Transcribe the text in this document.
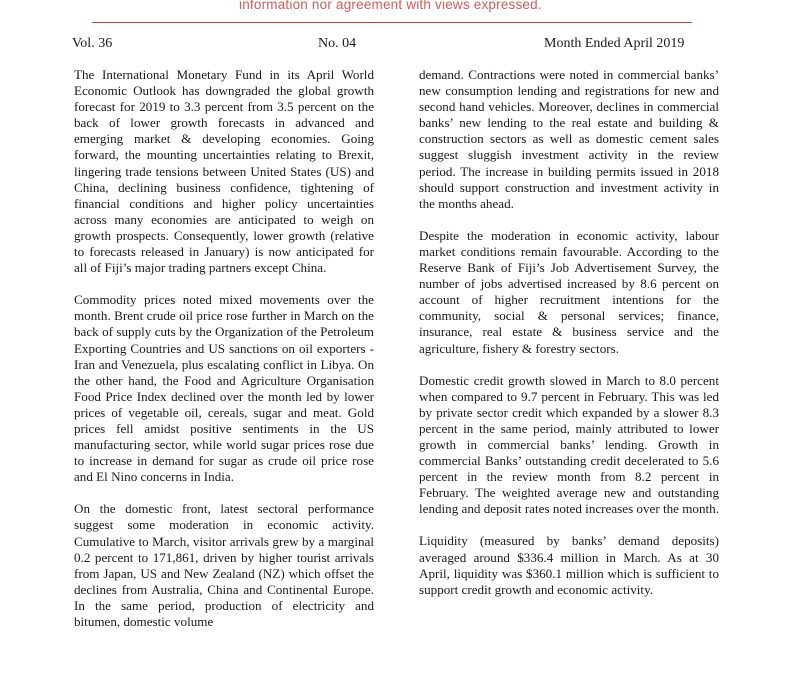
information nor agreement with views expressed.
Vol. 36	No. 04	Month Ended April 2019

The International Monetary Fund in its April World Economic Outlook has downgraded the global growth forecast for 2019 to 3.3 percent from 3.5 percent on the back of lower growth forecasts in advanced and emerging market & developing economies. Going forward, the mounting uncertainties relating to Brexit, lingering trade tensions between United States (US) and China, declining business confidence, tightening of financial conditions and higher policy uncertainties across many economies are anticipated to weigh on growth prospects. Consequently, lower growth (relative to forecasts released in January) is now anticipated for all of Fiji’s major trading partners except China.

Commodity prices noted mixed movements over the month. Brent crude oil price rose further in March on the back of supply cuts by the Organization of the Petroleum Exporting Countries and US sanctions on oil exporters - Iran and Venezuela, plus escalating conflict in Libya. On the other hand, the Food and Agriculture Organisation Food Price Index declined over the month led by lower prices of vegetable oil, cereals, sugar and meat. Gold prices fell amidst positive sentiments in the US manufacturing sector, while world sugar prices rose due to increase in demand for sugar as crude oil price rose and El Nino concerns in India.

On the domestic front, latest sectoral performance suggest some moderation in economic activity. Cumulative to March, visitor arrivals grew by a marginal 0.2 percent to 171,861, driven by higher tourist arrivals from Japan, US and New Zealand (NZ) which offset the declines from Australia, China and Continental Europe. In the same period, production of electricity and bitumen, domestic volume

demand. Contractions were noted in commercial banks’ new consumption lending and registrations for new and second hand vehicles. Moreover, declines in commercial banks’ new lending to the real estate and building & construction sectors as well as domestic cement sales suggest sluggish investment activity in the review period. The increase in building permits issued in 2018 should support construction and investment activity in the months ahead.

Despite the moderation in economic activity, labour market conditions remain favourable. According to the Reserve Bank of Fiji’s Job Advertisement Survey, the number of jobs advertised increased by 8.6 percent on account of higher recruitment intentions for the community, social & personal services; finance, insurance, real estate & business service and the agriculture, fishery & forestry sectors.

Domestic credit growth slowed in March to 8.0 percent when compared to 9.7 percent in February. This was led by private sector credit which expanded by a slower 8.3 percent in the same period, mainly attributed to lower growth in commercial banks’ lending. Growth in commercial Banks’ outstanding credit decelerated to 5.6 percent in the review month from 8.2 percent in February. The weighted average new and outstanding lending and deposit rates noted increases over the month.

Liquidity (measured by banks’ demand deposits) averaged around $336.4 million in March. As at 30 April, liquidity was $360.1 million which is sufficient to support credit growth and economic activity.
